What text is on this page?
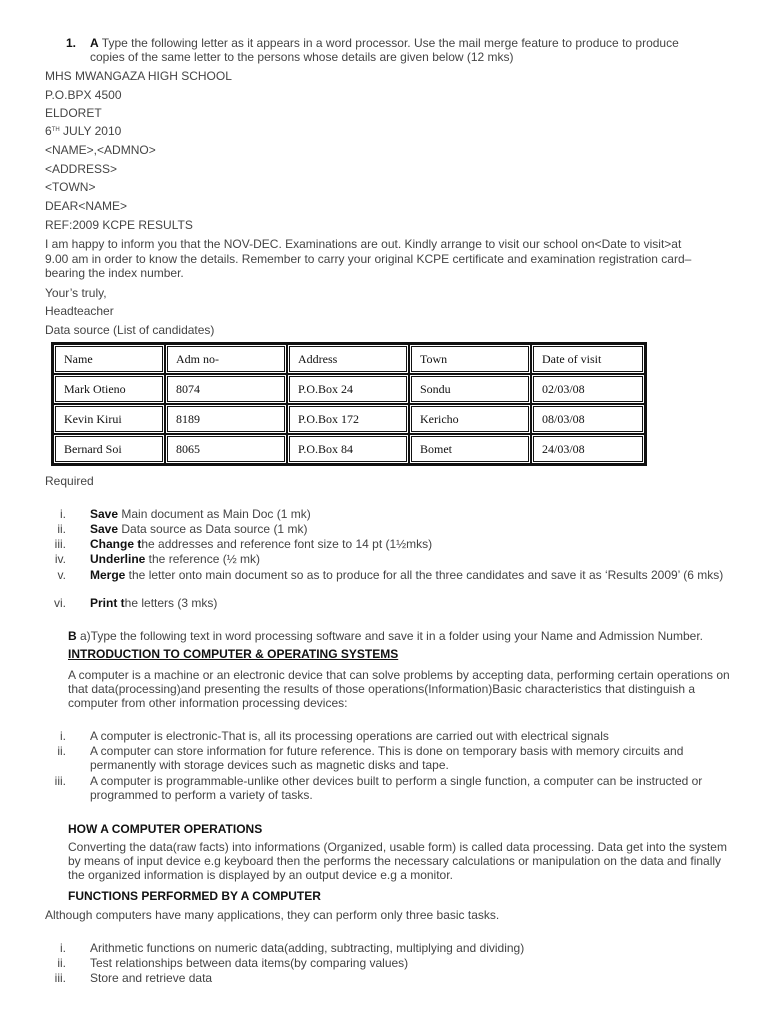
1. A Type the following letter as it appears in a word processor. Use the mail merge feature to produce to produce
copies of the same letter to the persons whose details are given below (12 mks)
MHS MWANGAZA HIGH SCHOOL
P.O.BPX 4500
ELDORET
6TH JULY 2010
<NAME>,<ADMNO>
<ADDRESS>
<TOWN>
DEAR<NAME>
REF:2009 KCPE RESULTS
I am happy to inform you that the NOV-DEC. Examinations are out. Kindly arrange to visit our school on<Date to visit>at
9.00 am in order to know the details. Remember to carry your original KCPE certificate and examination registration card–
bearing the index number.
Your’s truly,
Headteacher
Data source (List of candidates)
Name	Adm no-	Address	Town	Date of visit
Mark Otieno	8074	P.O.Box 24	Sondu	02/03/08
Kevin Kirui	8189	P.O.Box 172	Kericho	08/03/08
Bernard Soi	8065	P.O.Box 84	Bomet	24/03/08
Required
i. Save Main document as Main Doc (1 mk)
ii. Save Data source as Data source (1 mk)
iii. Change the addresses and reference font size to 14 pt (1½mks)
iv. Underline the reference (½ mk)
v. Merge the letter onto main document so as to produce for all the three candidates and save it as ‘Results 2009’ (6 mks)
vi. Print the letters (3 mks)
B a)Type the following text in word processing software and save it in a folder using your Name and Admission Number.
INTRODUCTION TO COMPUTER & OPERATING SYSTEMS
A computer is a machine or an electronic device that can solve problems by accepting data, performing certain operations on that data(processing)and presenting the results of those operations(Information)Basic characteristics that distinguish a computer from other information processing devices:
i. A computer is electronic-That is, all its processing operations are carried out with electrical signals
ii. A computer can store information for future reference. This is done on temporary basis with memory circuits and permanently with storage devices such as magnetic disks and tape.
iii. A computer is programmable-unlike other devices built to perform a single function, a computer can be instructed or programmed to perform a variety of tasks.
HOW A COMPUTER OPERATIONS
Converting the data(raw facts) into informations (Organized, usable form) is called data processing. Data get into the system by means of input device e.g keyboard then the performs the necessary calculations or manipulation on the data and finally the organized information is displayed by an output device e.g a monitor.
FUNCTIONS PERFORMED BY A COMPUTER
Although computers have many applications, they can perform only three basic tasks.
i. Arithmetic functions on numeric data(adding, subtracting, multiplying and dividing)
ii. Test relationships between data items(by comparing values)
iii. Store and retrieve data
